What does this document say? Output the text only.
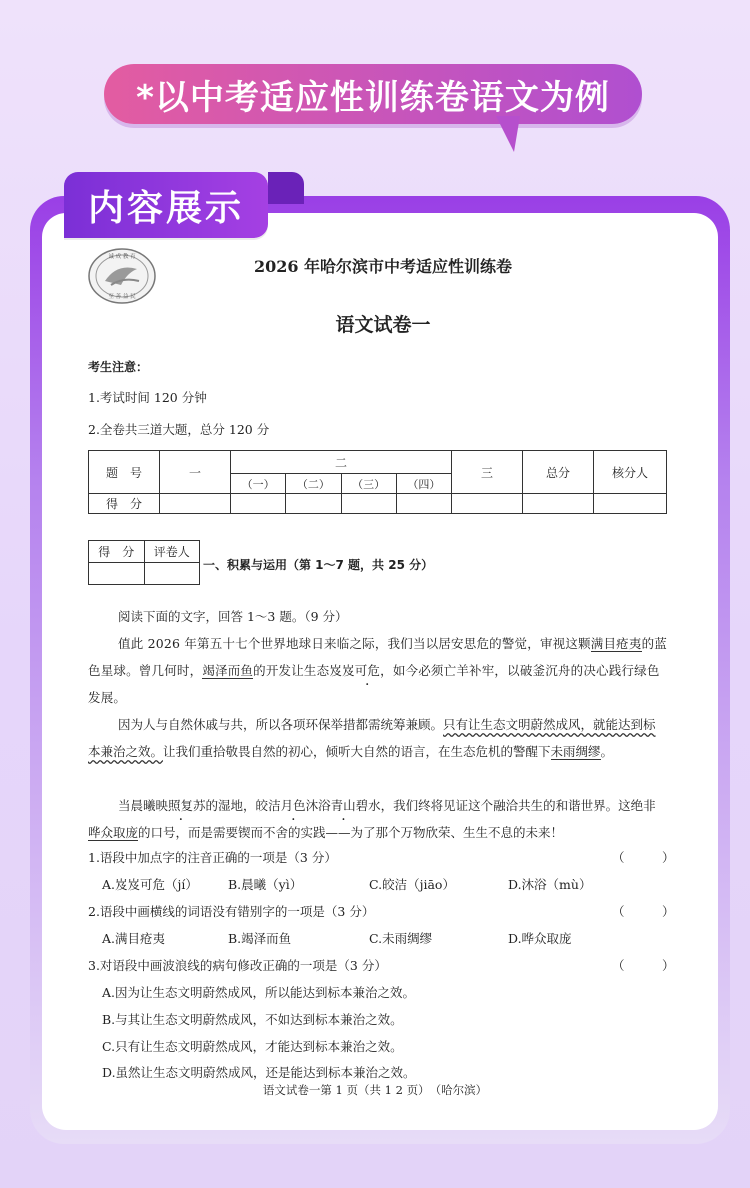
*以中考适应性训练卷语文为例
内容展示
诚 成 教 育
至 善 益 民
2026 年哈尔滨市中考适应性训练卷
语文试卷一
考生注意：
1.考试时间 120 分钟
2.全卷共三道大题，总分 120 分
题　号	一	二				三	总分	核分人
		（一）	（二）	（三）	（四）			
得　分								
得　分	评卷人

一、积累与运用（第 1～7 题，共 25 分）
阅读下面的文字，回答 1～3 题。（9 分）
值此 2026 年第五十七个世界地球日来临之际，我们当以居安思危的警觉，审视这颗满目疮夷的蓝色星球。曾几何时，竭泽而鱼的开发让生态岌 ·岌可危，如今必须亡羊补牢，以破釜沉舟的决心践行绿色发展。
因为人与自然休戚与共，所以各项环保举措都需统筹兼顾。只有让生态文明蔚然成风，就能达到标本兼治之效。让我们重拾敬畏自然的初心，倾听大自然的语言，在生态危机的警醒下未雨绸缪。
当晨曦 ·映照复苏的湿地，皎 ·洁月色沐 ·浴青山碧水，我们终将见证这个融洽共生的和谐世界。这绝非哗众取庞的口号，而是需要锲而不舍的实践——为了那个万物欣荣、生生不息的未来！
1.语段中加点字的注音正确的一项是（3 分）	（　　　）
A.岌岌可危（jí） B.晨曦（yì）	C.皎洁（jiāo）	D.沐浴（mù）
2.语段中画横线的词语没有错别字的一项是（3 分）	（　　　）
A.满目疮夷	B.竭泽而鱼	C.未雨绸缪	D.哗众取庞
3.对语段中画波浪线的病句修改正确的一项是（3 分）	（　　　）
A.因为让生态文明蔚然成风，所以能达到标本兼治之效。
B.与其让生态文明蔚然成风，不如达到标本兼治之效。
C.只有让生态文明蔚然成风，才能达到标本兼治之效。
D.虽然让生态文明蔚然成风，还是能达到标本兼治之效。
语文试卷一第 1 页（共 1 2 页）　（哈尔滨）
